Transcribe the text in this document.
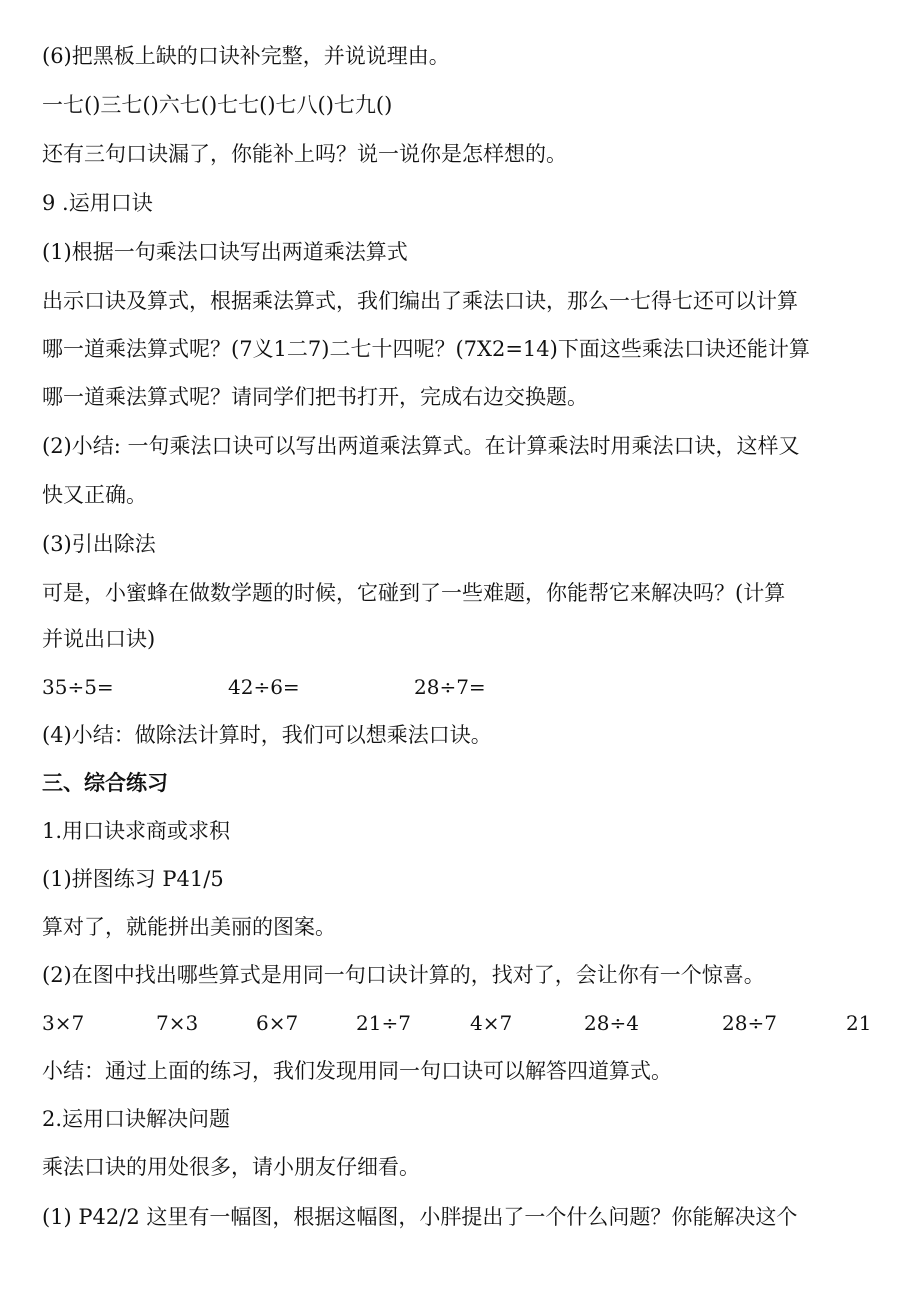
(6)把黑板上缺的口诀补完整，并说说理由。
一七()三七()六七()七七()七八()七九()
还有三句口诀漏了，你能补上吗？说一说你是怎样想的。
9 .运用口诀
(1)根据一句乘法口诀写出两道乘法算式
出示口诀及算式，根据乘法算式，我们编出了乘法口诀，那么一七得七还可以计算
哪一道乘法算式呢？(7义1二7)二七十四呢？(7X2=14)下面这些乘法口诀还能计算
哪一道乘法算式呢？请同学们把书打开，完成右边交换题。
(2)小结: 一句乘法口诀可以写出两道乘法算式。在计算乘法时用乘法口诀，这样又
快又正确。
(3)引出除法
可是，小蜜蜂在做数学题的时候，它碰到了一些难题，你能帮它来解决吗？(计算
并说出口诀)
35÷5=	42÷6=	28÷7=
(4)小结：做除法计算时，我们可以想乘法口诀。
三、综合练习
1.用口诀求商或求积
(1)拼图练习 P41/5
算对了，就能拼出美丽的图案。
(2)在图中找出哪些算式是用同一句口诀计算的，找对了，会让你有一个惊喜。
3×7	7×3	6×7	21÷7	4×7	28÷4	28÷7	21
小结：通过上面的练习，我们发现用同一句口诀可以解答四道算式。
2.运用口诀解决问题
乘法口诀的用处很多，请小朋友仔细看。
(1) P42/2 这里有一幅图，根据这幅图，小胖提出了一个什么问题？你能解决这个
